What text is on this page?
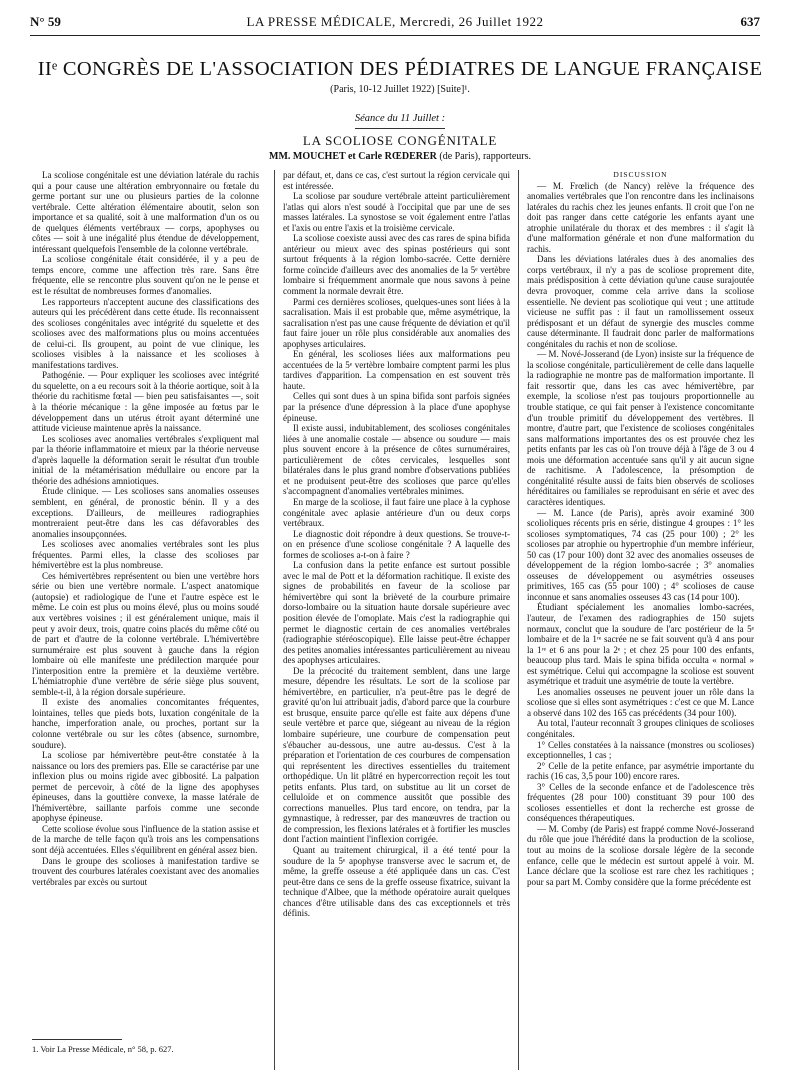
N° 59	LA PRESSE MÉDICALE, Mercredi, 26 Juillet 1922	637
IIᵉ CONGRÈS DE L'ASSOCIATION DES PÉDIATRES DE LANGUE FRANÇAISE
(Paris, 10-12 Juillet 1922) [Suite]¹.
Séance du 11 Juillet :
LA SCOLIOSE CONGÉNITALE
MM. MOUCHET et Carle RŒDERER (de Paris), rapporteurs.

La scoliose congénitale est une déviation latérale du rachis qui a pour cause une altération embryonnaire ou fœtale du germe portant sur une ou plusieurs parties de la colonne vertébrale. Cette altération élémentaire aboutit, selon son importance et sa qualité, soit à une malformation d'un os ou de quelques éléments vertébraux — corps, apophyses ou côtes — soit à une inégalité plus étendue de développement, intéressant quelquefois l'ensemble de la colonne vertébrale.

La scoliose congénitale était considérée, il y a peu de temps encore, comme une affection très rare. Sans être fréquente, elle se rencontre plus souvent qu'on ne le pense et est le résultat de nombreuses formes d'anomalies.

Les rapporteurs n'acceptent aucune des classifications des auteurs qui les précédèrent dans cette étude. Ils reconnaissent des scolioses congénitales avec intégrité du squelette et des scolioses avec des malformations plus ou moins accentuées de celui-ci. Ils groupent, au point de vue clinique, les scolioses visibles à la naissance et les scolioses à manifestations tardives.

Pathogénie. — Pour expliquer les scolioses avec intégrité du squelette, on a eu recours soit à la théorie aortique, soit à la théorie du rachitisme fœtal — bien peu satisfaisantes —, soit à la théorie mécanique : la gêne imposée au fœtus par le développement dans un utérus étroit ayant déterminé une attitude vicieuse maintenue après la naissance.

Les scolioses avec anomalies vertébrales s'expliquent mal par la théorie inflammatoire et mieux par la théorie nerveuse d'après laquelle la déformation serait le résultat d'un trouble initial de la métamérisation médullaire ou encore par la théorie des adhésions amniotiques.

Étude clinique. — Les scolioses sans anomalies osseuses semblent, en général, de pronostic bénin. Il y a des exceptions. D'ailleurs, de meilleures radiographies montreraient peut-être dans les cas défavorables des anomalies insoupçonnées.

Les scolioses avec anomalies vertébrales sont les plus fréquentes. Parmi elles, la classe des scolioses par hémivertèbre est la plus nombreuse.

Ces hémivertèbres représentent ou bien une vertèbre hors série ou bien une vertèbre normale. L'aspect anatomique (autopsie) et radiologique de l'une et l'autre espèce est le même. Le coin est plus ou moins élevé, plus ou moins soudé aux vertèbres voisines ; il est généralement unique, mais il peut y avoir deux, trois, quatre coins placés du même côté ou de part et d'autre de la colonne vertébrale. L'hémivertèbre surnuméraire est plus souvent à gauche dans la région lombaire où elle manifeste une prédilection marquée pour l'interposition entre la première et la deuxième vertèbre. L'hémiatrophie d'une vertèbre de série siège plus souvent, semble-t-il, à la région dorsale supérieure.

Il existe des anomalies concomitantes fréquentes, lointaines, telles que pieds bots, luxation congénitale de la hanche, imperforation anale, ou proches, portant sur la colonne vertébrale ou sur les côtes (absence, surnombre, soudure).

La scoliose par hémivertèbre peut-être constatée à la naissance ou lors des premiers pas. Elle se caractérise par une inflexion plus ou moins rigide avec gibbosité. La palpation permet de percevoir, à côté de la ligne des apophyses épineuses, dans la gouttière convexe, la masse latérale de l'hémivertèbre, saillante parfois comme une seconde apophyse épineuse.

Cette scoliose évolue sous l'influence de la station assise et de la marche de telle façon qu'à trois ans les compensations sont déjà accentuées. Elles s'équilibrent en général assez bien.

Dans le groupe des scolioses à manifestation tardive se trouvent des courbures latérales coexistant avec des anomalies vertébrales par excès ou surtout

par défaut, et, dans ce cas, c'est surtout la région cervicale qui est intéressée.

La scoliose par soudure vertébrale atteint particulièrement l'atlas qui alors n'est soudé à l'occipital que par une de ses masses latérales. La synostose se voit également entre l'atlas et l'axis ou entre l'axis et la troisième cervicale.

La scoliose coexiste aussi avec des cas rares de spina bifida antérieur ou mieux avec des spinas postérieurs qui sont surtout fréquents à la région lombo-sacrée. Cette dernière forme coïncide d'ailleurs avec des anomalies de la 5ᵉ vertèbre lombaire si fréquemment anormale que nous savons à peine comment la normale devrait être.

Parmi ces dernières scolioses, quelques-unes sont liées à la sacralisation. Mais il est probable que, même asymétrique, la sacralisation n'est pas une cause fréquente de déviation et qu'il faut faire jouer un rôle plus considérable aux anomalies des apophyses articulaires.

En général, les scolioses liées aux malformations peu accentuées de la 5ᵉ vertèbre lombaire comptent parmi les plus tardives d'apparition. La compensation en est souvent très haute.

Celles qui sont dues à un spina bifida sont parfois signées par la présence d'une dépression à la place d'une apophyse épineuse.

Il existe aussi, indubitablement, des scolioses congénitales liées à une anomalie costale — absence ou soudure — mais plus souvent encore à la présence de côtes surnuméraires, particulièrement de côtes cervicales, lesquelles sont bilatérales dans le plus grand nombre d'observations publiées et ne produisent peut-être des scolioses que parce qu'elles s'accompagnent d'anomalies vertébrales minimes.

En marge de la scoliose, il faut faire une place à la cyphose congénitale avec aplasie antérieure d'un ou deux corps vertébraux.

Le diagnostic doit répondre à deux questions. Se trouve-t-on en présence d'une scoliose congénitale ? A laquelle des formes de scolioses a-t-on à faire ?

La confusion dans la petite enfance est surtout possible avec le mal de Pott et la déformation rachitique. Il existe des signes de probabilités en faveur de la scoliose par hémivertèbre qui sont la brièveté de la courbure primaire dorso-lombaire ou la situation haute dorsale supérieure avec position élevée de l'omoplate. Mais c'est la radiographie qui permet le diagnostic certain de ces anomalies vertébrales (radiographie stéréoscopique). Elle laisse peut-être échapper des petites anomalies intéressantes particulièrement au niveau des apophyses articulaires.

De la précocité du traitement semblent, dans une large mesure, dépendre les résultats. Le sort de la scoliose par hémivertèbre, en particulier, n'a peut-être pas le degré de gravité qu'on lui attribuait jadis, d'abord parce que la courbure est brusque, ensuite parce qu'elle est faite aux dépens d'une seule vertèbre et parce que, siégeant au niveau de la région lombaire supérieure, une courbure de compensation peut s'ébaucher au-dessous, une autre au-dessus. C'est à la préparation et l'orientation de ces courbures de compensation qui représentent les directives essentielles du traitement orthopédique. Un lit plâtré en hypercorrection reçoit les tout petits enfants. Plus tard, on substitue au lit un corset de celluloïde et on commence aussitôt que possible des corrections manuelles. Plus tard encore, on tendra, par la gymnastique, à redresser, par des manœuvres de traction ou de compression, les flexions latérales et à fortifier les muscles dont l'action maintient l'inflexion corrigée.

Quant au traitement chirurgical, il a été tenté pour la soudure de la 5ᵉ apophyse transverse avec le sacrum et, de même, la greffe osseuse a été appliquée dans un cas. C'est peut-être dans ce sens de la greffe osseuse fixatrice, suivant la technique d'Albee, que la méthode opératoire aurait quelques chances d'être utilisable dans des cas exceptionnels et très définis.

DISCUSSION

— M. Frœlich (de Nancy) relève la fréquence des anomalies vertébrales que l'on rencontre dans les inclinaisons latérales du rachis chez les jeunes enfants. Il croit que l'on ne doit pas ranger dans cette catégorie les enfants ayant une atrophie unilatérale du thorax et des membres : il s'agit là d'une malformation générale et non d'une malformation du rachis.

Dans les déviations latérales dues à des anomalies des corps vertébraux, il n'y a pas de scoliose proprement dite, mais prédisposition à cette déviation qu'une cause surajoutée devra provoquer, comme cela arrive dans la scoliose essentielle. Ne devient pas scoliotique qui veut ; une attitude vicieuse ne suffit pas : il faut un ramollissement osseux prédisposant et un défaut de synergie des muscles comme cause déterminante. Il faudrait donc parler de malformations congénitales du rachis et non de scoliose.

— M. Nové-Josserand (de Lyon) insiste sur la fréquence de la scoliose congénitale, particulièrement de celle dans laquelle la radiographie ne montre pas de malformation importante. Il fait ressortir que, dans les cas avec hémivertèbre, par exemple, la scoliose n'est pas toujours proportionnelle au trouble statique, ce qui fait penser à l'existence concomitante d'un trouble primitif du développement des vertèbres. Il montre, d'autre part, que l'existence de scolioses congénitales sans malformations importantes des os est prouvée chez les petits enfants par les cas où l'on trouve déjà à l'âge de 3 ou 4 mois une déformation accentuée sans qu'il y ait aucun signe de rachitisme. A l'adolescence, la présomption de congénitalité résulte aussi de faits bien observés de scolioses héréditaires ou familiales se reproduisant en série et avec des caractères identiques.

— M. Lance (de Paris), après avoir examiné 300 scolioliques récents pris en série, distingue 4 groupes : 1° les scolioses symptomatiques, 74 cas (25 pour 100) ; 2° les scolioses par atrophie ou hypertrophie d'un membre inférieur, 50 cas (17 pour 100) dont 32 avec des anomalies osseuses de développement de la région lombo-sacrée ; 3° anomalies osseuses de développement ou asymétries osseuses primitives, 165 cas (55 pour 100) ; 4° scolioses de cause inconnue et sans anomalies osseuses 43 cas (14 pour 100).

Étudiant spécialement les anomalies lombo-sacrées, l'auteur, de l'examen des radiographies de 150 sujets normaux, conclut que la soudure de l'arc postérieur de la 5ᵉ lombaire et de la 1ʳᵉ sacrée ne se fait souvent qu'à 4 ans pour la 1ʳᵉ et 6 ans pour la 2ᵉ ; et chez 25 pour 100 des enfants, beaucoup plus tard. Mais le spina bifida occulta « normal » est symétrique. Celui qui accompagne la scoliose est souvent asymétrique et traduit une asymétrie de toute la vertèbre.

Les anomalies osseuses ne peuvent jouer un rôle dans la scoliose que si elles sont asymétriques : c'est ce que M. Lance a observé dans 102 des 165 cas précédents (34 pour 100).

Au total, l'auteur reconnaît 3 groupes cliniques de scolioses congénitales.

1° Celles constatées à la naissance (monstres ou scolioses) exceptionnelles, 1 cas ;

2° Celle de la petite enfance, par asymétrie importante du rachis (16 cas, 3,5 pour 100) encore rares.

3° Celles de la seconde enfance et de l'adolescence très fréquentes (28 pour 100) constituant 39 pour 100 des scolioses essentielles et dont la recherche est grosse de conséquences thérapeutiques.

— M. Comby (de Paris) est frappé comme Nové-Josserand du rôle que joue l'hérédité dans la production de la scoliose, tout au moins de la scoliose dorsale légère de la seconde enfance, celle que le médecin est surtout appelé à voir. M. Lance déclare que la scoliose est rare chez les rachitiques ; pour sa part M. Comby considère que la forme précédente est

1. Voir La Presse Médicale, n° 58, p. 627.
